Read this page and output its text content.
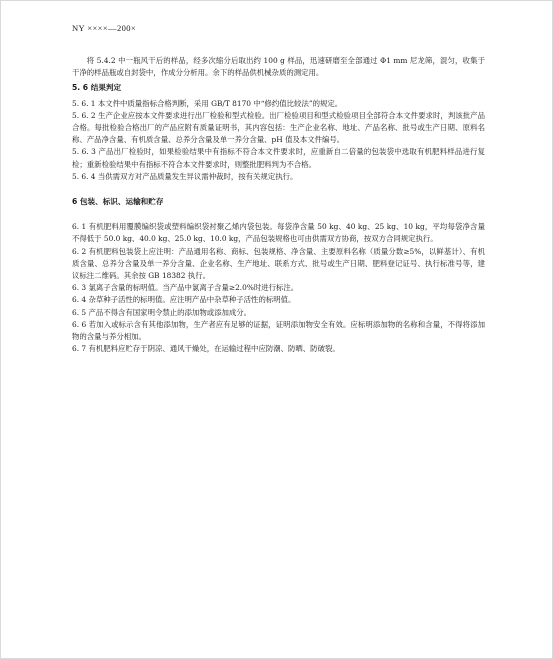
NY ××××—200×

将 5.4.2 中一瓶风干后的样品，经多次缩分后取出约 100 g 样品，迅速研磨至全部通过 Φ1 mm 尼龙筛，混匀，收集于干净的样品瓶或自封袋中，作成分分析用。余下的样品供机械杂质的测定用。

5. 6 结果判定

5. 6. 1 本文件中质量指标合格判断，采用 GB/T 8170 中“修约值比较法”的规定。

5. 6. 2 生产企业应按本文件要求进行出厂检验和型式检验。出厂检验项目和型式检验项目全部符合本文件要求时，判该批产品合格。每批检验合格出厂的产品应附有质量证明书，其内容包括：生产企业名称、地址、产品名称、批号或生产日期、原料名称、产品净含量、有机质含量、总养分含量及单一养分含量、pH 值及本文件编号。

5. 6. 3 产品出厂检验时，如果检验结果中有指标不符合本文件要求时，应重新自二倍量的包装袋中选取有机肥料样品进行复检；重新检验结果中有指标不符合本文件要求时，则整批肥料判为不合格。

5. 6. 4 当供需双方对产品质量发生异议需仲裁时，按有关规定执行。

6 包装、标识、运输和贮存

6. 1 有机肥料用覆膜编织袋或塑料编织袋衬聚乙烯内袋包装。每袋净含量 50 kg、40 kg、25 kg、10 kg，平均每袋净含量不得低于 50.0 kg、40.0 kg、25.0 kg、10.0 kg，产品包装规格也可由供需双方协商，按双方合同规定执行。

6. 2 有机肥料包装袋上应注明：产品通用名称、商标、包装规格、净含量、主要原料名称（质量分数≥5%，以鲜基计）、有机质含量、总养分含量及单一养分含量、企业名称、生产地址、联系方式、批号或生产日期、肥料登记证号、执行标准号等，建议标注二维码。其余按 GB 18382 执行。

6. 3 氯离子含量的标明值。当产品中氯离子含量≥2.0%时进行标注。

6. 4 杂草种子活性的标明值。应注明产品中杂草种子活性的标明值。

6. 5 产品不得含有国家明令禁止的添加物或添加成分。

6. 6 若加入或标示含有其他添加物，生产者应有足够的证据，证明添加物安全有效。应标明添加物的名称和含量，不得将添加物的含量与养分相加。

6. 7 有机肥料应贮存于阴凉、通风干燥处，在运输过程中应防潮、防晒、防破裂。
